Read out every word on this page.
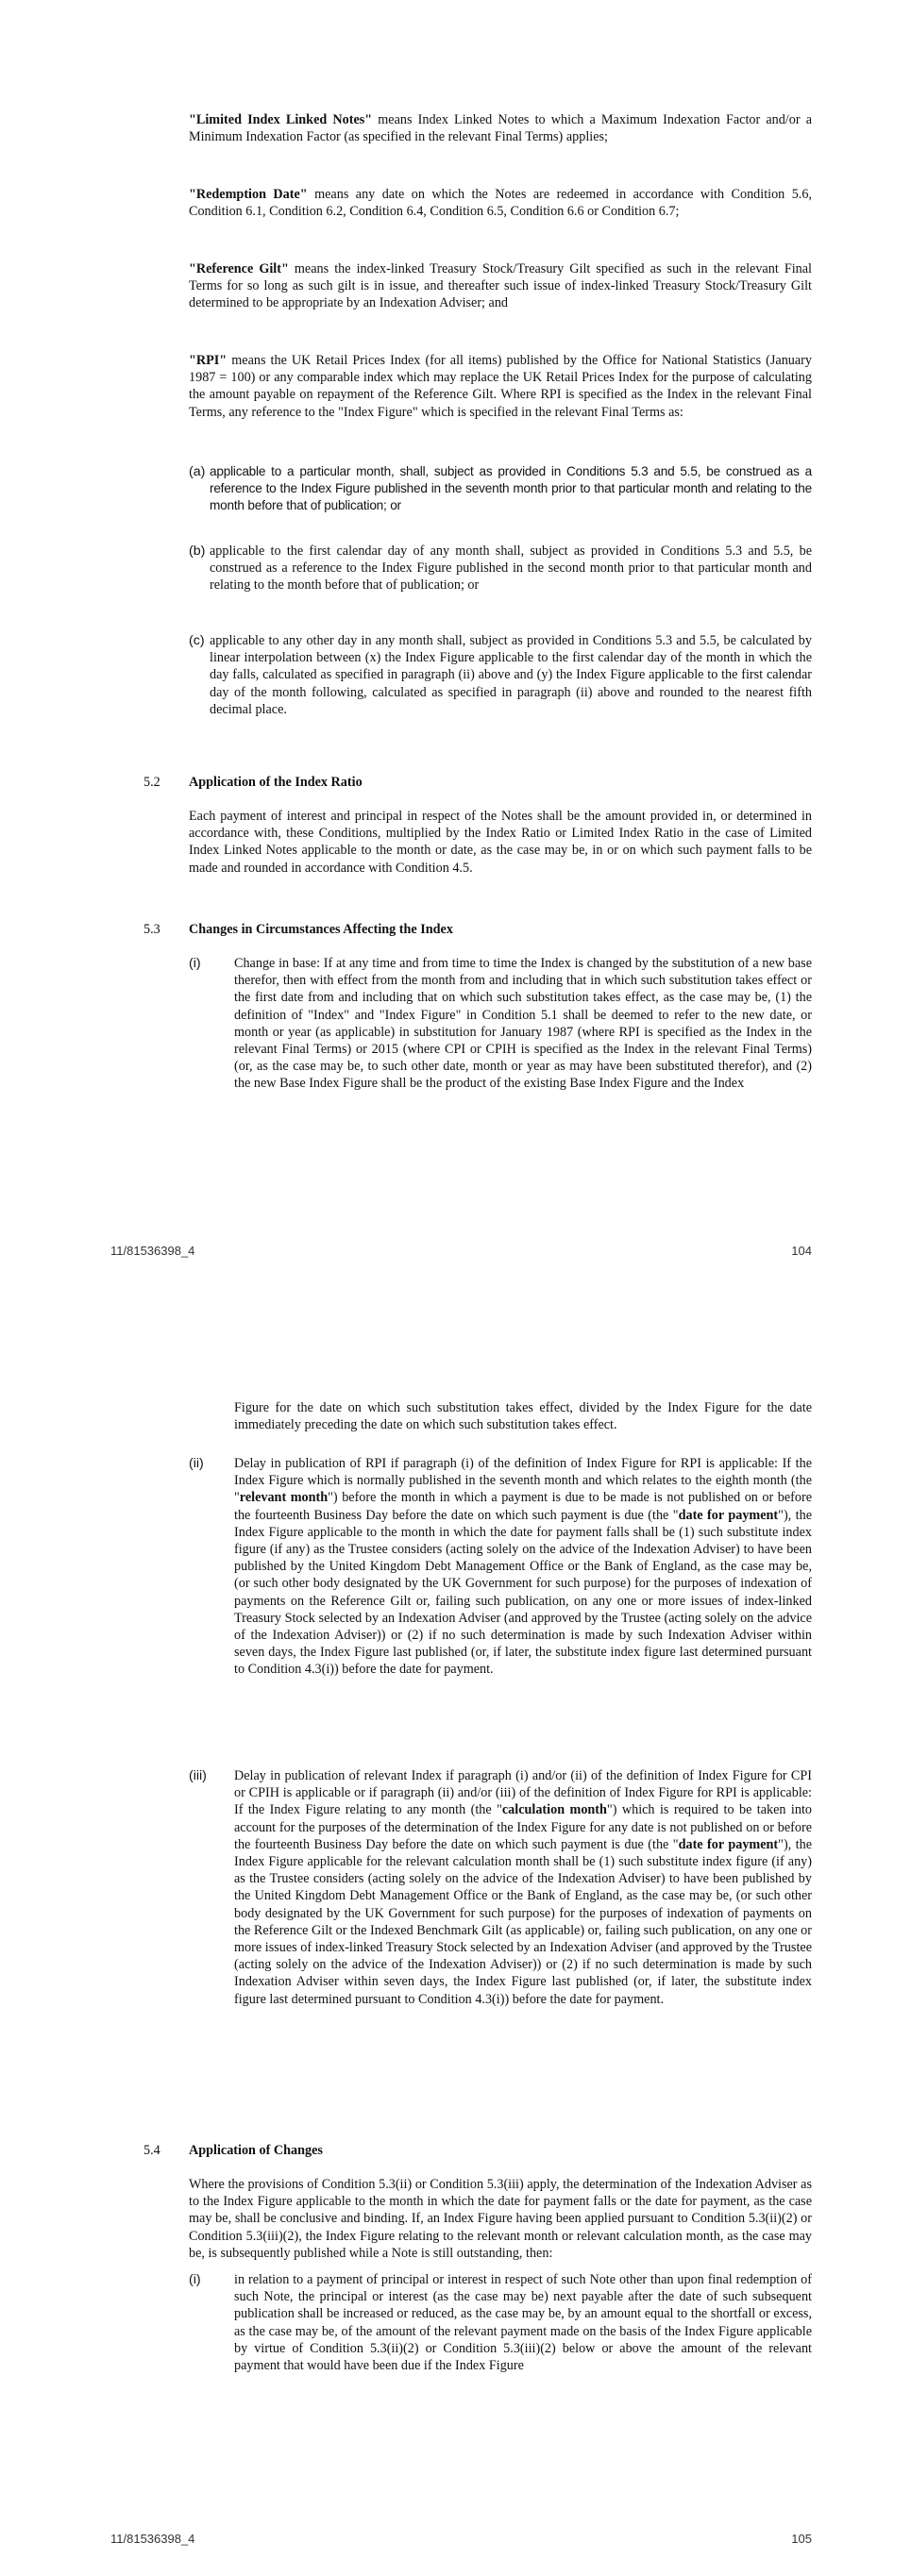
"Limited Index Linked Notes" means Index Linked Notes to which a Maximum Indexation Factor and/or a Minimum Indexation Factor (as specified in the relevant Final Terms) applies;

"Redemption Date" means any date on which the Notes are redeemed in accordance with Condition 5.6, Condition 6.1, Condition 6.2, Condition 6.4, Condition 6.5, Condition 6.6 or Condition 6.7;

"Reference Gilt" means the index-linked Treasury Stock/Treasury Gilt specified as such in the relevant Final Terms for so long as such gilt is in issue, and thereafter such issue of index-linked Treasury Stock/Treasury Gilt determined to be appropriate by an Indexation Adviser; and

"RPI" means the UK Retail Prices Index (for all items) published by the Office for National Statistics (January 1987 = 100) or any comparable index which may replace the UK Retail Prices Index for the purpose of calculating the amount payable on repayment of the Reference Gilt. Where RPI is specified as the Index in the relevant Final Terms, any reference to the "Index Figure" which is specified in the relevant Final Terms as:

(a) applicable to a particular month, shall, subject as provided in Conditions 5.3 and 5.5, be construed as a reference to the Index Figure published in the seventh month prior to that particular month and relating to the month before that of publication; or

(b) applicable to the first calendar day of any month shall, subject as provided in Conditions 5.3 and 5.5, be construed as a reference to the Index Figure published in the second month prior to that particular month and relating to the month before that of publication; or

(c) applicable to any other day in any month shall, subject as provided in Conditions 5.3 and 5.5, be calculated by linear interpolation between (x) the Index Figure applicable to the first calendar day of the month in which the day falls, calculated as specified in paragraph (ii) above and (y) the Index Figure applicable to the first calendar day of the month following, calculated as specified in paragraph (ii) above and rounded to the nearest fifth decimal place.

5.2 Application of the Index Ratio

Each payment of interest and principal in respect of the Notes shall be the amount provided in, or determined in accordance with, these Conditions, multiplied by the Index Ratio or Limited Index Ratio in the case of Limited Index Linked Notes applicable to the month or date, as the case may be, in or on which such payment falls to be made and rounded in accordance with Condition 4.5.

5.3 Changes in Circumstances Affecting the Index
(i) Change in base: If at any time and from time to time the Index is changed by the substitution of a new base therefor, then with effect from the month from and including that in which such substitution takes effect or the first date from and including that on which such substitution takes effect, as the case may be, (1) the definition of "Index" and "Index Figure" in Condition 5.1 shall be deemed to refer to the new date, or month or year (as applicable) in substitution for January 1987 (where RPI is specified as the Index in the relevant Final Terms) or 2015 (where CPI or CPIH is specified as the Index in the relevant Final Terms) (or, as the case may be, to such other date, month or year as may have been substituted therefor), and (2) the new Base Index Figure shall be the product of the existing Base Index Figure and the Index

11/81536398_4	104

Figure for the date on which such substitution takes effect, divided by the Index Figure for the date immediately preceding the date on which such substitution takes effect.

(ii) Delay in publication of RPI if paragraph (i) of the definition of Index Figure for RPI is applicable: If the Index Figure which is normally published in the seventh month and which relates to the eighth month (the "relevant month") before the month in which a payment is due to be made is not published on or before the fourteenth Business Day before the date on which such payment is due (the "date for payment"), the Index Figure applicable to the month in which the date for payment falls shall be (1) such substitute index figure (if any) as the Trustee considers (acting solely on the advice of the Indexation Adviser) to have been published by the United Kingdom Debt Management Office or the Bank of England, as the case may be, (or such other body designated by the UK Government for such purpose) for the purposes of indexation of payments on the Reference Gilt or, failing such publication, on any one or more issues of index-linked Treasury Stock selected by an Indexation Adviser (and approved by the Trustee (acting solely on the advice of the Indexation Adviser)) or (2) if no such determination is made by such Indexation Adviser within seven days, the Index Figure last published (or, if later, the substitute index figure last determined pursuant to Condition 4.3(i)) before the date for payment.

(iii) Delay in publication of relevant Index if paragraph (i) and/or (ii) of the definition of Index Figure for CPI or CPIH is applicable or if paragraph (ii) and/or (iii) of the definition of Index Figure for RPI is applicable: If the Index Figure relating to any month (the "calculation month") which is required to be taken into account for the purposes of the determination of the Index Figure for any date is not published on or before the fourteenth Business Day before the date on which such payment is due (the "date for payment"), the Index Figure applicable for the relevant calculation month shall be (1) such substitute index figure (if any) as the Trustee considers (acting solely on the advice of the Indexation Adviser) to have been published by the United Kingdom Debt Management Office or the Bank of England, as the case may be, (or such other body designated by the UK Government for such purpose) for the purposes of indexation of payments on the Reference Gilt or the Indexed Benchmark Gilt (as applicable) or, failing such publication, on any one or more issues of index-linked Treasury Stock selected by an Indexation Adviser (and approved by the Trustee (acting solely on the advice of the Indexation Adviser)) or (2) if no such determination is made by such Indexation Adviser within seven days, the Index Figure last published (or, if later, the substitute index figure last determined pursuant to Condition 4.3(i)) before the date for payment.

5.4 Application of Changes

Where the provisions of Condition 5.3(ii) or Condition 5.3(iii) apply, the determination of the Indexation Adviser as to the Index Figure applicable to the month in which the date for payment falls or the date for payment, as the case may be, shall be conclusive and binding. If, an Index Figure having been applied pursuant to Condition 5.3(ii)(2) or Condition 5.3(iii)(2), the Index Figure relating to the relevant month or relevant calculation month, as the case may be, is subsequently published while a Note is still outstanding, then:

(i) in relation to a payment of principal or interest in respect of such Note other than upon final redemption of such Note, the principal or interest (as the case may be) next payable after the date of such subsequent publication shall be increased or reduced, as the case may be, by an amount equal to the shortfall or excess, as the case may be, of the amount of the relevant payment made on the basis of the Index Figure applicable by virtue of Condition 5.3(ii)(2) or Condition 5.3(iii)(2) below or above the amount of the relevant payment that would have been due if the Index Figure

11/81536398_4	105
